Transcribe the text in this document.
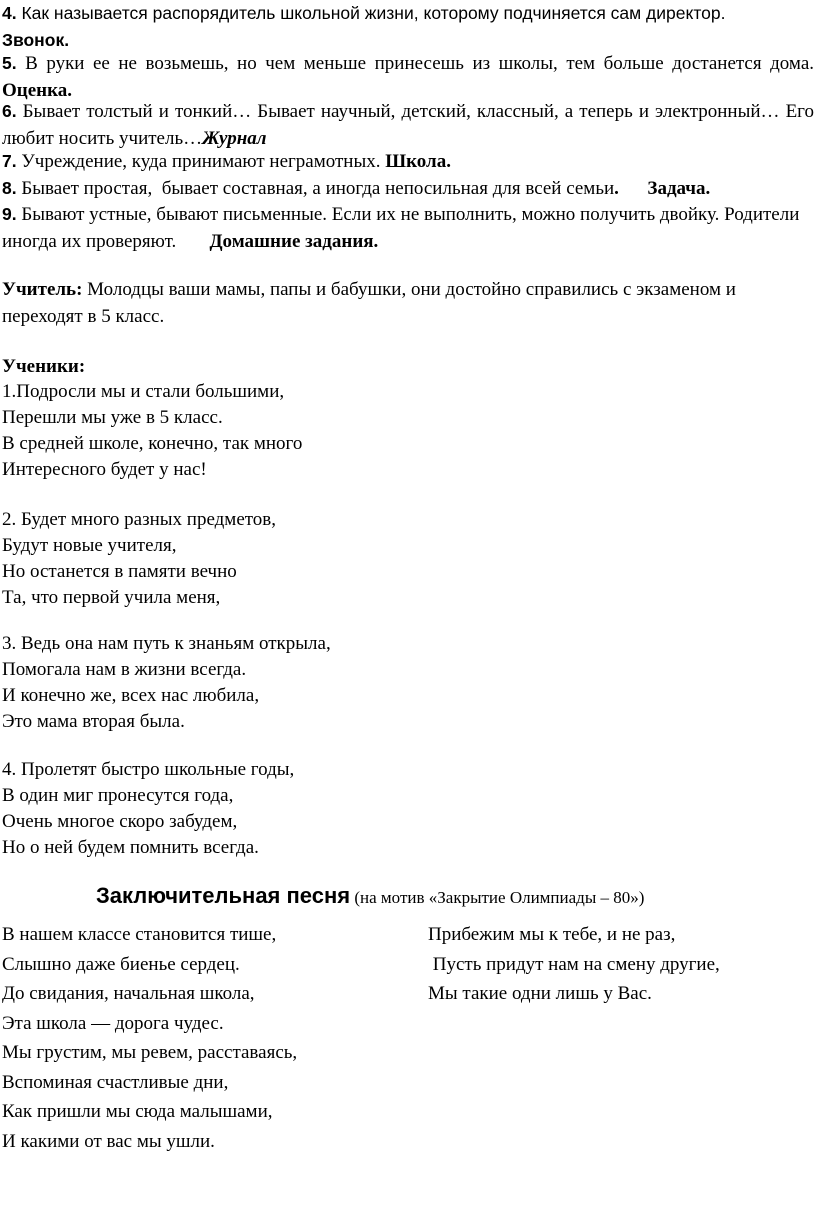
4. Как называется распорядитель школьной жизни, которому подчиняется сам директор.
Звонок.
5. В руки ее не возьмешь, но чем меньше принесешь из школы, тем больше достанется дома. Оценка.
6. Бывает толстый и тонкий… Бывает научный, детский, классный, а теперь и электронный… Его любит носить учитель…Журнал
7. Учреждение, куда принимают неграмотных. Школа.
8. Бывает простая,  бывает составная, а иногда непосильная для всей семьи.      Задача.
9. Бывают устные, бывают письменные. Если их не выполнить, можно получить двойку. Родители иногда их проверяют.       Домашние задания.
Учитель: Молодцы ваши мамы, папы и бабушки, они достойно справились с экзаменом и переходят в 5 класс.
Ученики:
1.Подросли мы и стали большими,
Перешли мы уже в 5 класс.
В средней школе, конечно, так много
Интересного будет у нас!
2. Будет много разных предметов,
Будут новые учителя,
Но останется в памяти вечно
Та, что первой учила меня,
3. Ведь она нам путь к знаньям открыла,
Помогала нам в жизни всегда.
И конечно же, всех нас любила,
Это мама вторая была.
4. Пролетят быстро школьные годы,
В один миг пронесутся года,
Очень многое скоро забудем,
Но о ней будем помнить всегда.
Заключительная песня (на мотив «Закрытие Олимпиады – 80»)
В нашем классе становится тише,
Слышно даже биенье сердец.
До свидания, начальная школа,
Эта школа — дорога чудес.
Мы грустим, мы ревем, расставаясь,
Вспоминая счастливые дни,
Как пришли мы сюда малышами,
И какими от вас мы ушли.
Прибежим мы к тебе, и не раз,
Пусть придут нам на смену другие,
Мы такие одни лишь у Вас.
